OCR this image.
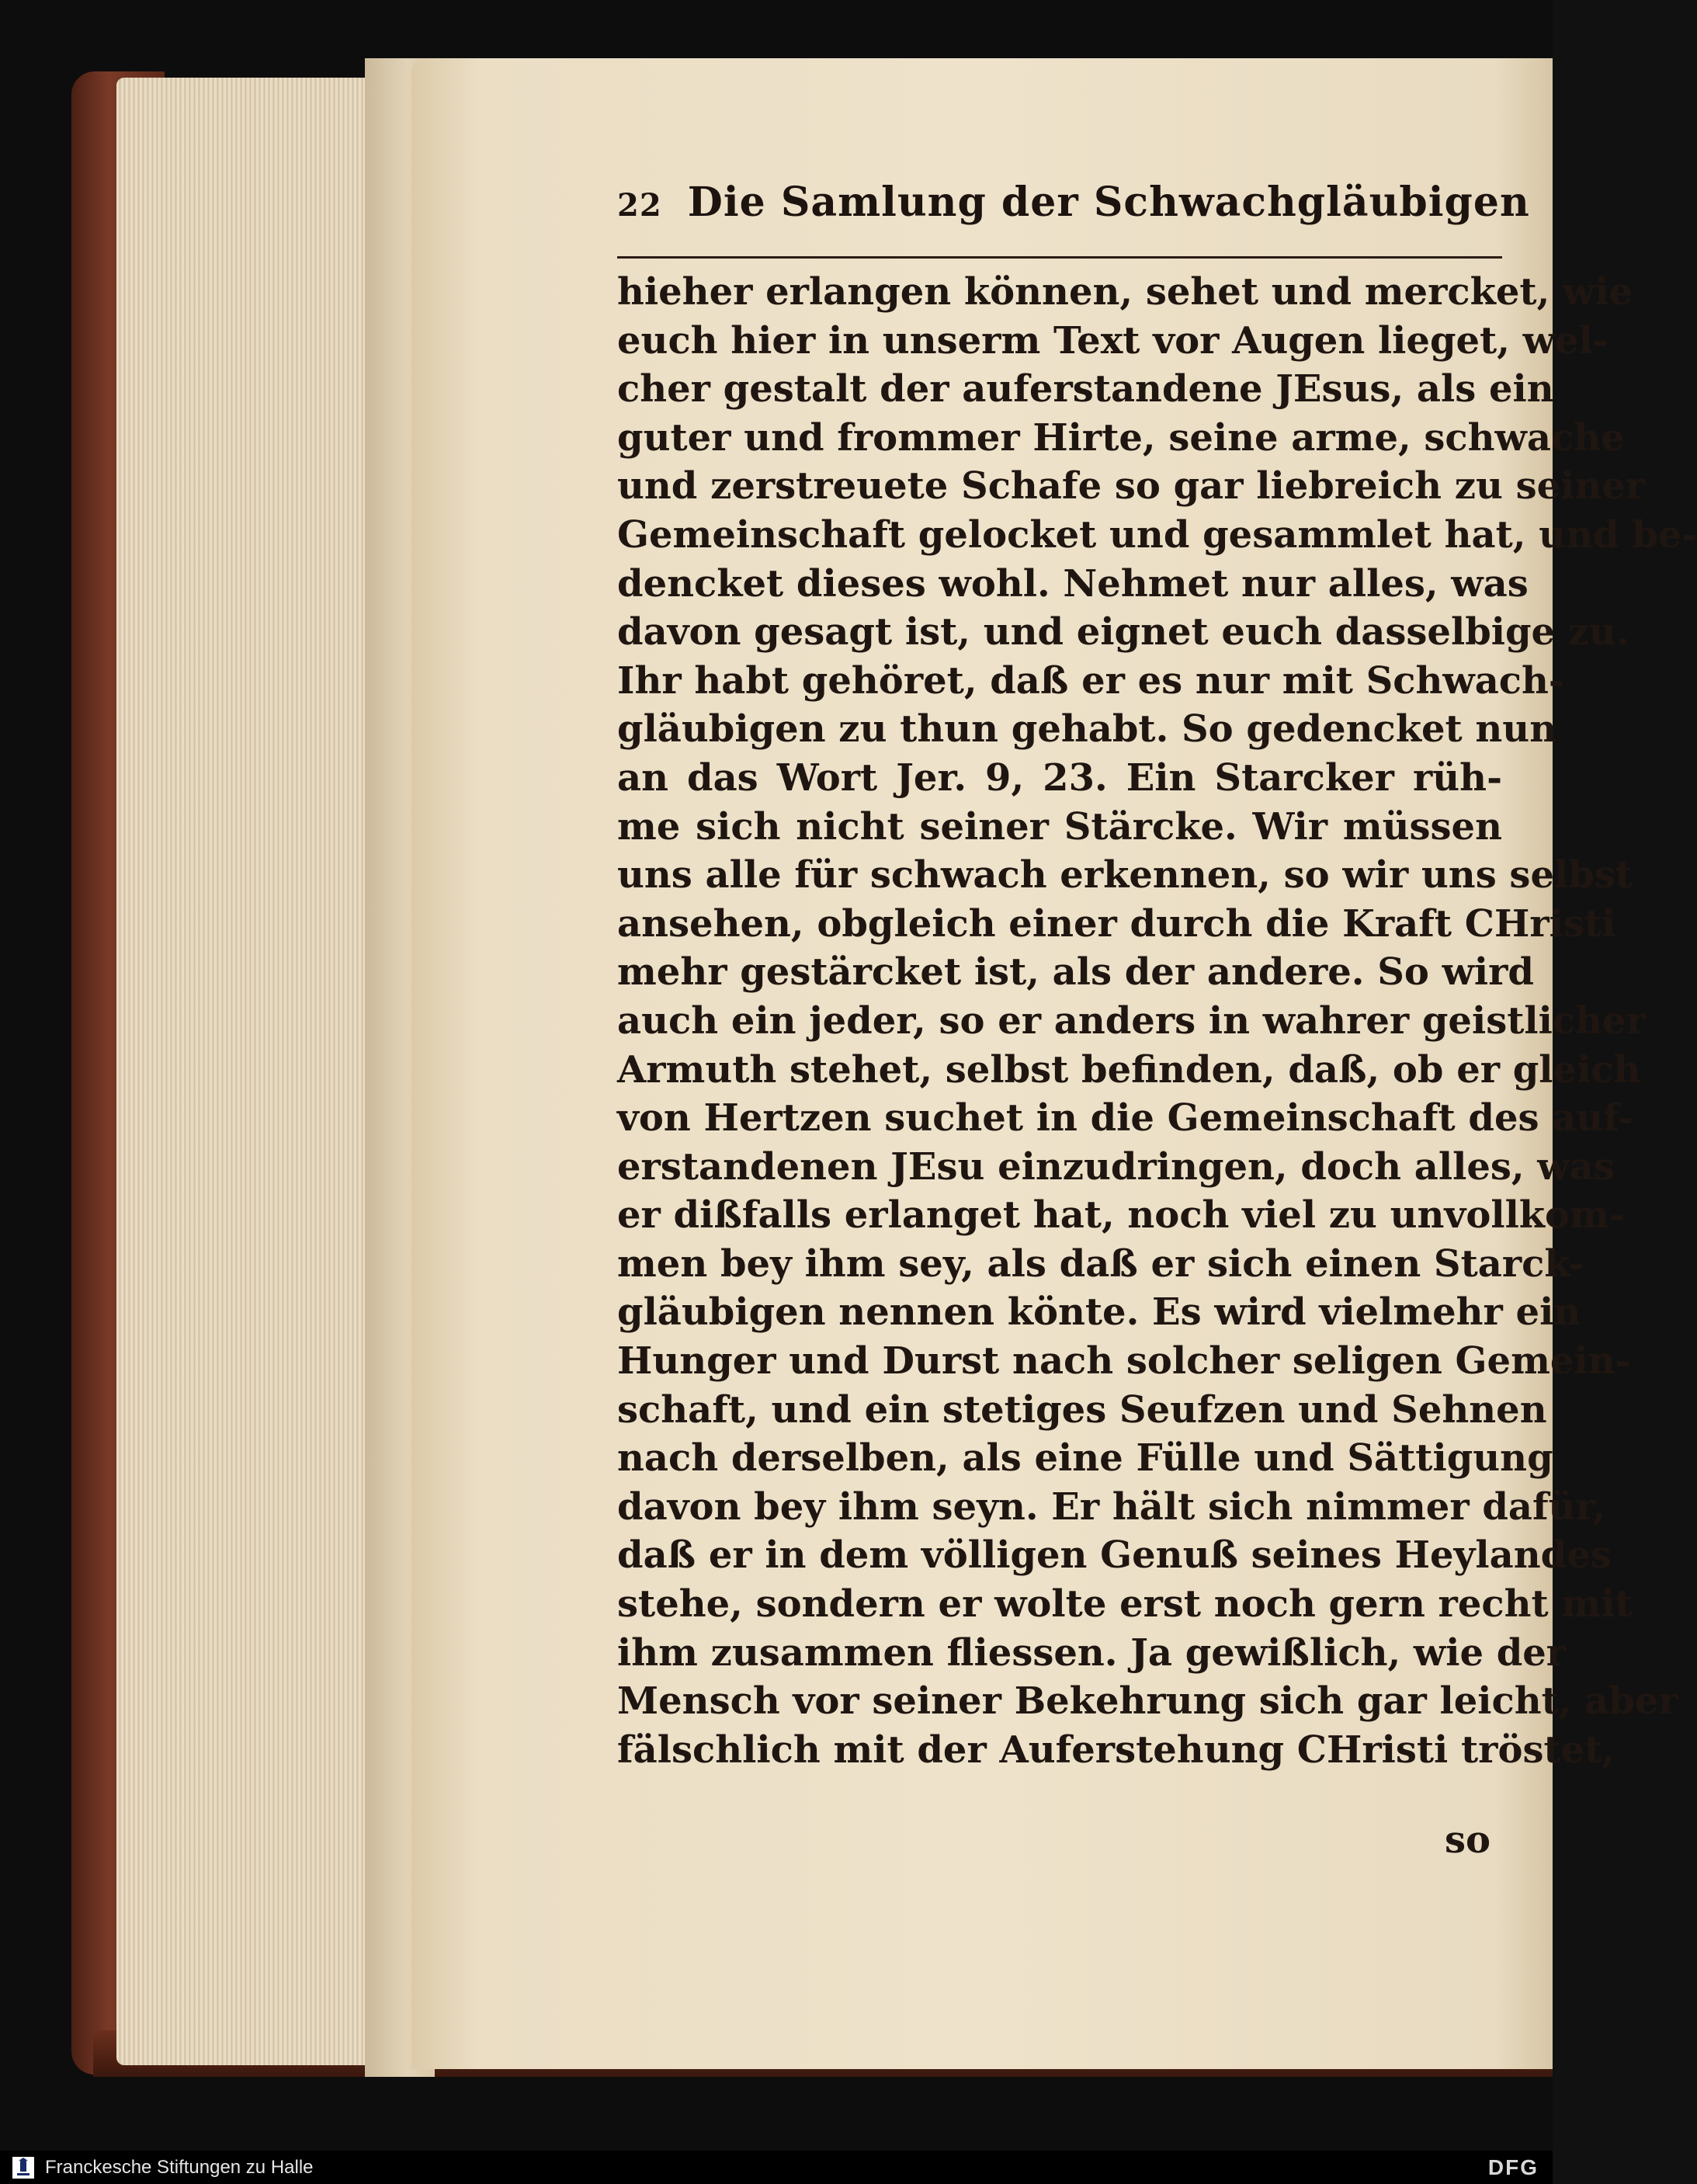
22 Die Samlung der Schwachgläubigen
hieher erlangen können, sehet und mercket, wie
euch hier in unserm Text vor Augen lieget, wel-
cher gestalt der auferstandene JEsus, als ein
guter und frommer Hirte, seine arme, schwache
und zerstreuete Schafe so gar liebreich zu seiner
Gemeinschaft gelocket und gesammlet hat, und be-
dencket dieses wohl. Nehmet nur alles, was
davon gesagt ist, und eignet euch dasselbige zu.
Ihr habt gehöret, daß er es nur mit Schwach-
gläubigen zu thun gehabt. So gedencket nun
an das Wort Jer. 9, 23. Ein Starcker rüh-
me sich nicht seiner Stärcke. Wir müssen
uns alle für schwach erkennen, so wir uns selbst
ansehen, obgleich einer durch die Kraft CHristi
mehr gestärcket ist, als der andere. So wird
auch ein jeder, so er anders in wahrer geistlicher
Armuth stehet, selbst befinden, daß, ob er gleich
von Hertzen suchet in die Gemeinschaft des auf-
erstandenen JEsu einzudringen, doch alles, was
er dißfalls erlanget hat, noch viel zu unvollkom-
men bey ihm sey, als daß er sich einen Starck-
gläubigen nennen könte. Es wird vielmehr ein
Hunger und Durst nach solcher seligen Gemein-
schaft, und ein stetiges Seufzen und Sehnen
nach derselben, als eine Fülle und Sättigung
davon bey ihm seyn. Er hält sich nimmer dafür,
daß er in dem völligen Genuß seines Heylandes
stehe, sondern er wolte erst noch gern recht mit
ihm zusammen fliessen. Ja gewißlich, wie der
Mensch vor seiner Bekehrung sich gar leicht, aber
fälschlich mit der Auferstehung CHristi tröstet,
so
Franckesche Stiftungen zu Halle	DFG
